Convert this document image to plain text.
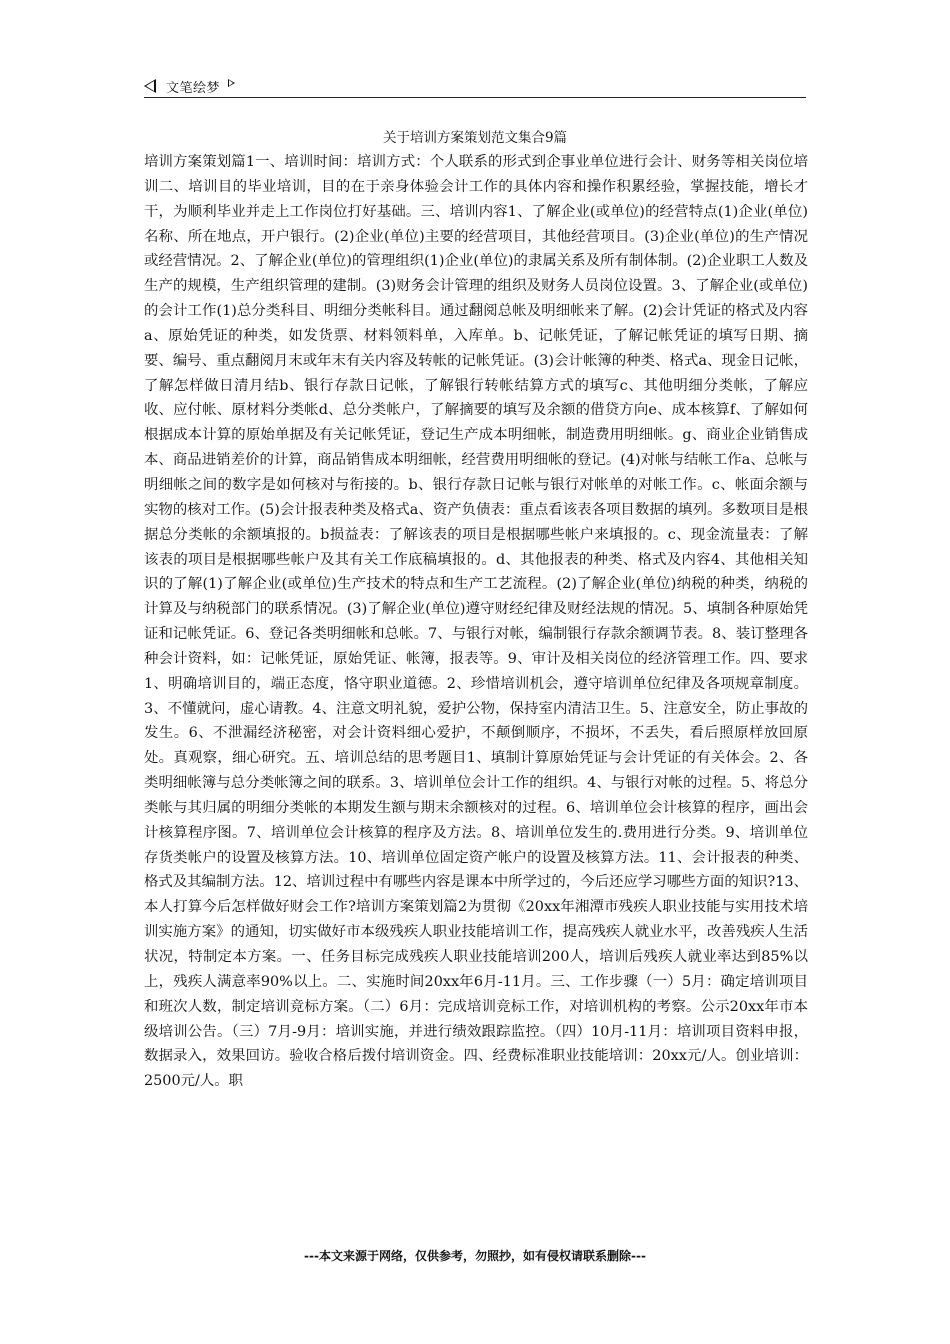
文笔绘梦
关于培训方案策划范文集合9篇

培训方案策划篇1一、培训时间：培训方式：个人联系的形式到企事业单位进行会计、财务等相关岗位培训二、培训目的毕业培训，目的在于亲身体验会计工作的具体内容和操作积累经验，掌握技能，增长才干，为顺利毕业并走上工作岗位打好基础。三、培训内容1、了解企业(或单位)的经营特点(1)企业(单位)名称、所在地点，开户银行。(2)企业(单位)主要的经营项目，其他经营项目。(3)企业(单位)的生产情况或经营情况。2、了解企业(单位)的管理组织(1)企业(单位)的隶属关系及所有制体制。(2)企业职工人数及生产的规模，生产组织管理的建制。(3)财务会计管理的组织及财务人员岗位设置。3、了解企业(或单位)的会计工作(1)总分类科目、明细分类帐科目。通过翻阅总帐及明细帐来了解。(2)会计凭证的格式及内容a、原始凭证的种类，如发货票、材料领料单，入库单。b、记帐凭证，了解记帐凭证的填写日期、摘要、编号、重点翻阅月末或年末有关内容及转帐的记帐凭证。(3)会计帐簿的种类、格式a、现金日记帐，了解怎样做日清月结b、银行存款日记帐，了解银行转帐结算方式的填写c、其他明细分类帐，了解应收、应付帐、原材料分类帐d、总分类帐户，了解摘要的填写及余额的借贷方向e、成本核算f、了解如何根据成本计算的原始单据及有关记帐凭证，登记生产成本明细帐，制造费用明细帐。g、商业企业销售成本、商品进销差价的计算，商品销售成本明细帐，经营费用明细帐的登记。(4)对帐与结帐工作a、总帐与明细帐之间的数字是如何核对与衔接的。b、银行存款日记帐与银行对帐单的对帐工作。c、帐面余额与实物的核对工作。(5)会计报表种类及格式a、资产负债表：重点看该表各项目数据的填列。多数项目是根据总分类帐的余额填报的。b损益表：了解该表的项目是根据哪些帐户来填报的。c、现金流量表：了解该表的项目是根据哪些帐户及其有关工作底稿填报的。d、其他报表的种类、格式及内容4、其他相关知识的了解(1)了解企业(或单位)生产技术的特点和生产工艺流程。(2)了解企业(单位)纳税的种类，纳税的计算及与纳税部门的联系情况。(3)了解企业(单位)遵守财经纪律及财经法规的情况。5、填制各种原始凭证和记帐凭证。6、登记各类明细帐和总帐。7、与银行对帐，编制银行存款余额调节表。8、装订整理各种会计资料，如：记帐凭证，原始凭证、帐簿，报表等。9、审计及相关岗位的经济管理工作。四、要求1、明确培训目的，端正态度，恪守职业道德。2、珍惜培训机会，遵守培训单位纪律及各项规章制度。3、不懂就问，虚心请教。4、注意文明礼貌，爱护公物，保持室内清洁卫生。5、注意安全，防止事故的发生。6、不泄漏经济秘密，对会计资料细心爱护，不颠倒顺序，不损坏，不丢失，看后照原样放回原处。真观察，细心研究。五、培训总结的思考题目1、填制计算原始凭证与会计凭证的有关体会。2、各类明细帐簿与总分类帐簿之间的联系。3、培训单位会计工作的组织。4、与银行对帐的过程。5、将总分类帐与其归属的明细分类帐的本期发生额与期末余额核对的过程。6、培训单位会计核算的程序，画出会计核算程序图。7、培训单位会计核算的程序及方法。8、培训单位发生的.费用进行分类。9、培训单位存货类帐户的设置及核算方法。10、培训单位固定资产帐户的设置及核算方法。11、会计报表的种类、格式及其编制方法。12、培训过程中有哪些内容是课本中所学过的，今后还应学习哪些方面的知识?13、本人打算今后怎样做好财会工作?培训方案策划篇2为贯彻《20xx年湘潭市残疾人职业技能与实用技术培训实施方案》的通知，切实做好市本级残疾人职业技能培训工作，提高残疾人就业水平，改善残疾人生活状况，特制定本方案。一、任务目标完成残疾人职业技能培训200人，培训后残疾人就业率达到85%以上，残疾人满意率90%以上。二、实施时间20xx年6月-11月。三、工作步骤（一）5月：确定培训项目和班次人数，制定培训竞标方案。（二）6月：完成培训竞标工作，对培训机构的考察。公示20xx年市本级培训公告。（三）7月-9月：培训实施，并进行绩效跟踪监控。（四）10月-11月：培训项目资料申报，数据录入，效果回访。验收合格后拨付培训资金。四、经费标准职业技能培训：20xx元/人。创业培训：2500元/人。职

---本文来源于网络，仅供参考，勿照抄，如有侵权请联系删除---
